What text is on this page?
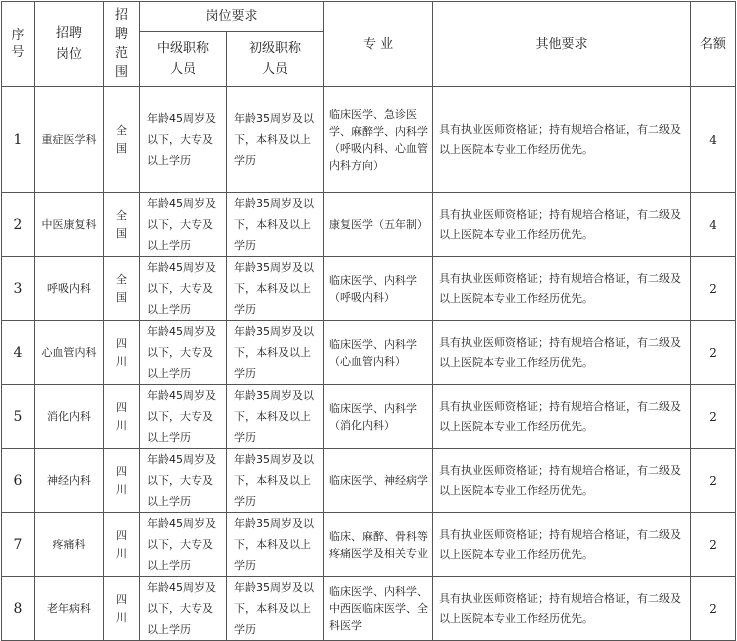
序号	招聘岗位	招聘范围	岗位要求		专 业	其他要求	名额

			中级职称人员	初级职称人员			

1	重症医学科	全国	年龄45周岁及以下，大专及以上学历	年龄35周岁及以下，本科及以上学历	临床医学、急诊医学、麻醉学、内科学（呼吸内科、心血管内科方向）	具有执业医师资格证；持有规培合格证，有二级及以上医院本专业工作经历优先。	4
2	中医康复科	全国	年龄45周岁及以下，大专及以上学历	年龄35周岁及以下，本科及以上学历	康复医学（五年制）	具有执业医师资格证；持有规培合格证，有二级及以上医院本专业工作经历优先。	4
3	呼吸内科	全国	年龄45周岁及以下，大专及以上学历	年龄35周岁及以下，本科及以上学历	临床医学、内科学（呼吸内科）	具有执业医师资格证；持有规培合格证，有二级及以上医院本专业工作经历优先。	2
4	心血管内科	四川	年龄45周岁及以下，大专及以上学历	年龄35周岁及以下，本科及以上学历	临床医学、内科学（心血管内科）	具有执业医师资格证；持有规培合格证，有二级及以上医院本专业工作经历优先。	2
5	消化内科	四川	年龄45周岁及以下，大专及以上学历	年龄35周岁及以下，本科及以上学历	临床医学、内科学（消化内科）	具有执业医师资格证；持有规培合格证，有二级及以上医院本专业工作经历优先。	2
6	神经内科	四川	年龄45周岁及以下，大专及以上学历	年龄35周岁及以下，本科及以上学历	临床医学、神经病学	具有执业医师资格证；持有规培合格证，有二级及以上医院本专业工作经历优先。	2
7	疼痛科	四川	年龄45周岁及以下，大专及以上学历	年龄35周岁及以下，本科及以上学历	临床、麻醉、骨科等疼痛医学及相关专业	具有执业医师资格证；持有规培合格证，有二级及以上医院本专业工作经历优先。	2
8	老年病科	四川	年龄45周岁及以下，大专及以上学历	年龄35周岁及以下，本科及以上学历	临床医学、内科学、中西医临床医学、全科医学	具有执业医师资格证；持有规培合格证，有二级及以上医院本专业工作经历优先。	2
